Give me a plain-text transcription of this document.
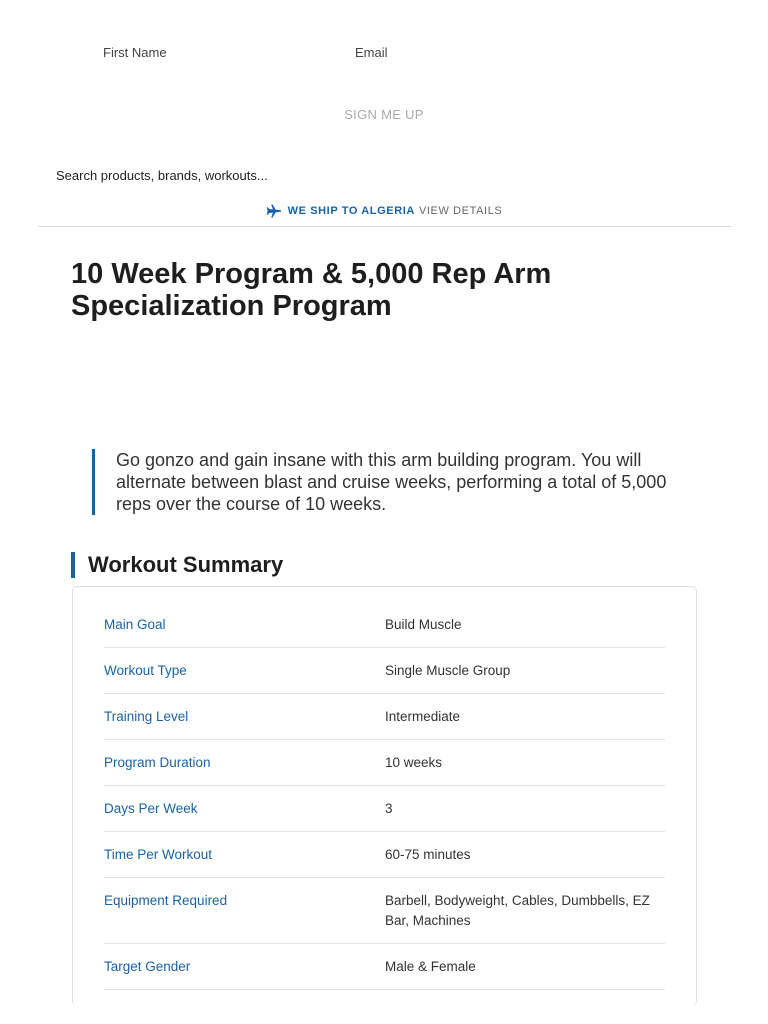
First Name	Email
SIGN ME UP
Search products, brands, workouts...
WE SHIP TO ALGERIA VIEW DETAILS
10 Week Program & 5,000 Rep Arm Specialization Program

Go gonzo and gain insane with this arm building program. You will alternate between blast and cruise weeks, performing a total of 5,000 reps over the course of 10 weeks.

Workout Summary
Main Goal	Build Muscle
Workout Type	Single Muscle Group
Training Level	Intermediate
Program Duration	10 weeks
Days Per Week	3
Time Per Workout	60-75 minutes
Equipment Required	Barbell, Bodyweight, Cables, Dumbbells, EZ Bar, Machines

Target Gender	Male & Female
